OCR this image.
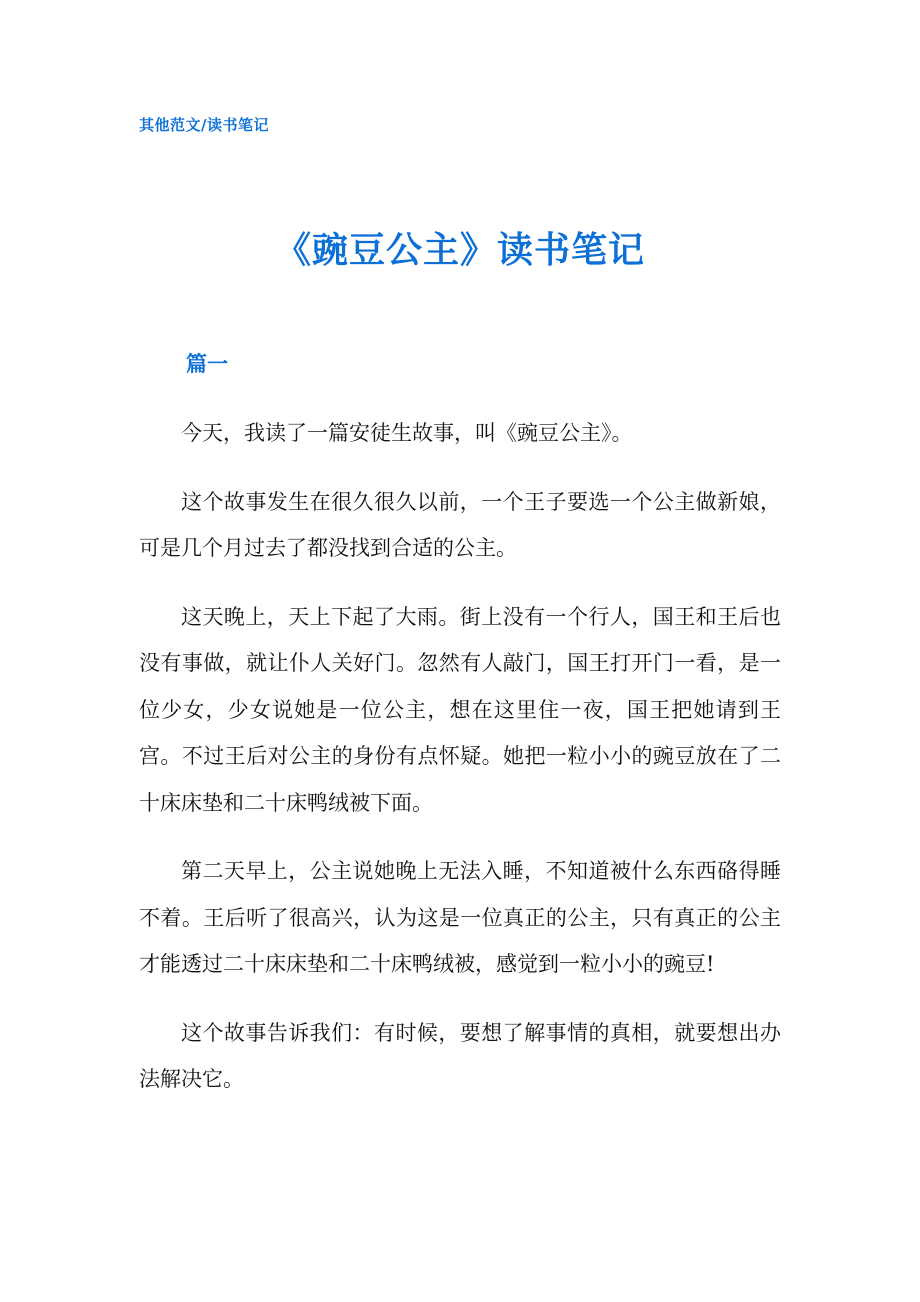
其他范文/读书笔记
《豌豆公主》读书笔记
篇一

今天，我读了一篇安徒生故事，叫《豌豆公主》。

这个故事发生在很久很久以前，一个王子要选一个公主做新娘，可是几个月过去了都没找到合适的公主。

这天晚上，天上下起了大雨。街上没有一个行人，国王和王后也没有事做，就让仆人关好门。忽然有人敲门，国王打开门一看，是一位少女，少女说她是一位公主，想在这里住一夜，国王把她请到王宫。不过王后对公主的身份有点怀疑。她把一粒小小的豌豆放在了二十床床垫和二十床鸭绒被下面。

第二天早上，公主说她晚上无法入睡，不知道被什么东西硌得睡不着。王后听了很高兴，认为这是一位真正的公主，只有真正的公主才能透过二十床床垫和二十床鸭绒被，感觉到一粒小小的豌豆!

这个故事告诉我们：有时候，要想了解事情的真相，就要想出办法解决它。
